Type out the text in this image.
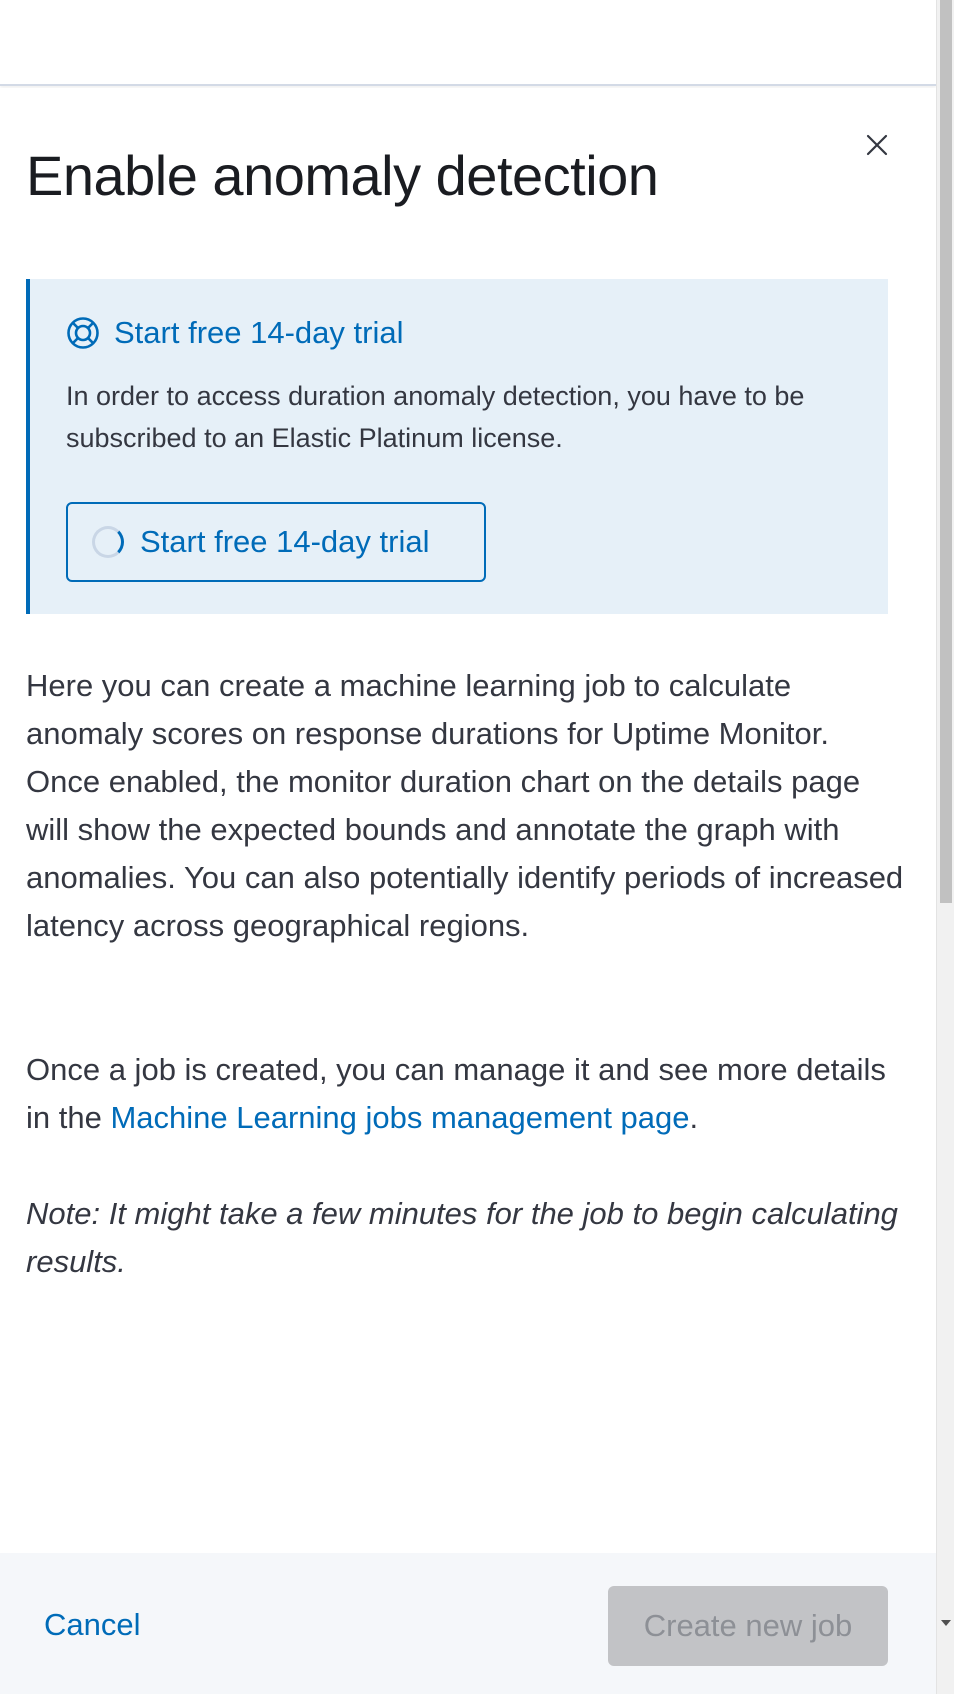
Enable anomaly detection
Start free 14-day trial

In order to access duration anomaly detection, you have to be subscribed to an Elastic Platinum license.

Start free 14-day trial

Here you can create a machine learning job to calculate anomaly scores on response durations for Uptime Monitor. Once enabled, the monitor duration chart on the details page will show the expected bounds and annotate the graph with anomalies. You can also potentially identify periods of increased latency across geographical regions.

Once a job is created, you can manage it and see more details in the Machine Learning jobs management page.

Note: It might take a few minutes for the job to begin calculating results.

Cancel	Create new job
